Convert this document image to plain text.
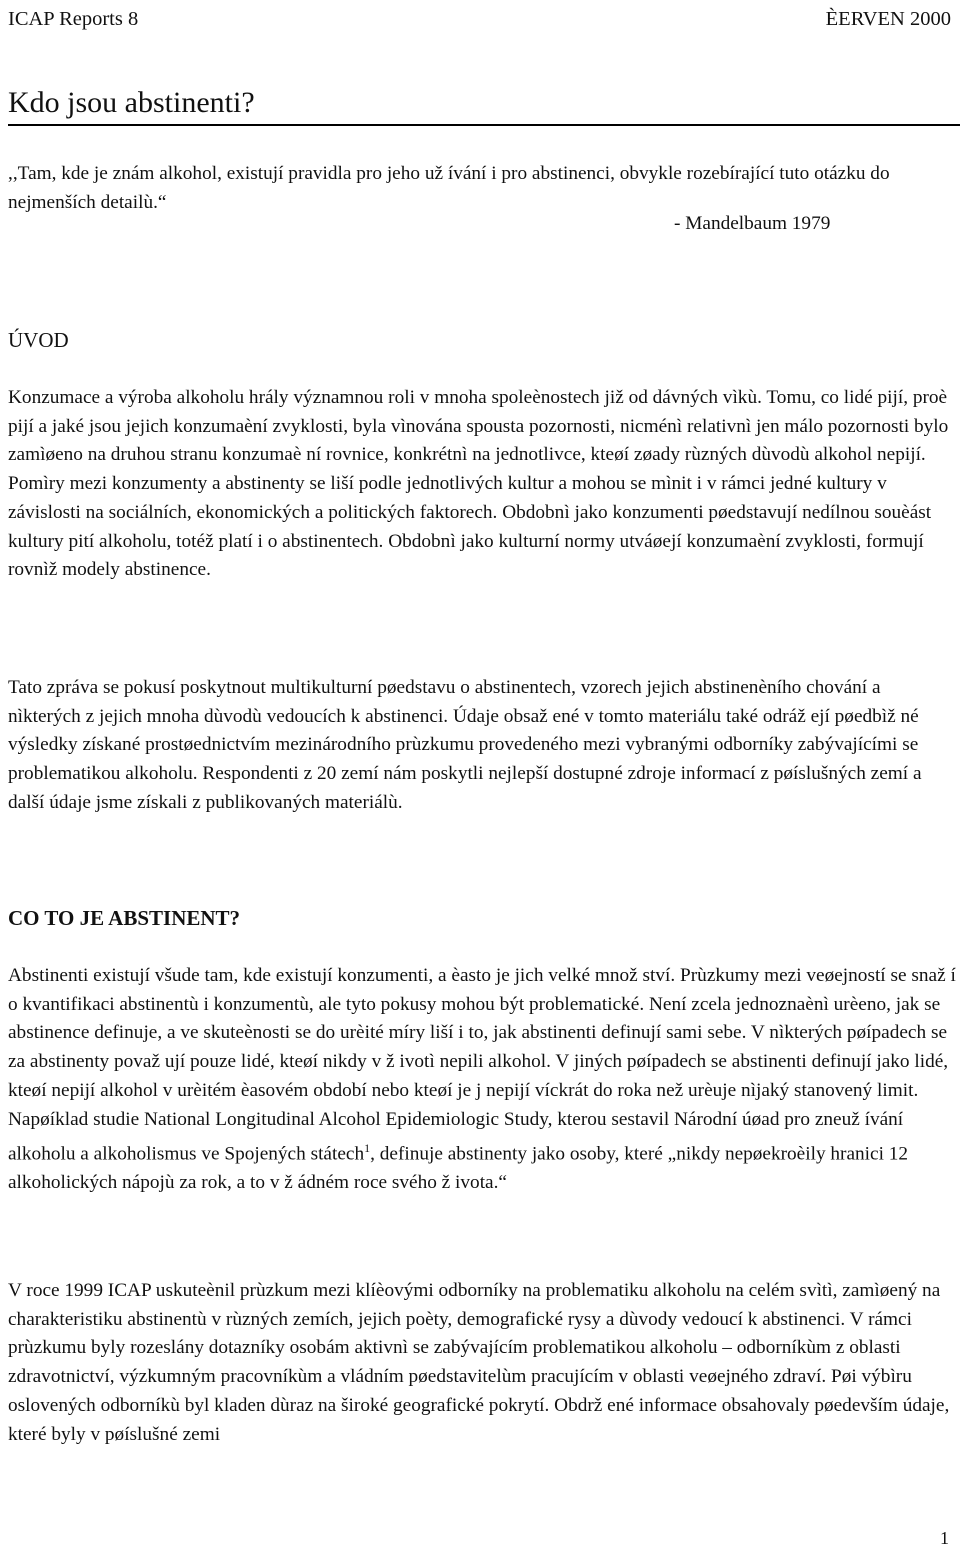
ICAP Reports 8	ÈERVEN 2000
Kdo jsou abstinenti?

,,Tam, kde je znám alkohol, existují pravidla pro jeho už ívání i pro abstinenci, obvykle rozebírající tuto otázku do nejmenších detailù.“

- Mandelbaum 1979
ÚVOD

Konzumace a výroba alkoholu hrály významnou roli v mnoha spoleènostech již od dávných vìkù. Tomu, co lidé pijí, proè pijí a jaké jsou jejich konzumaèní zvyklosti, byla vìnována spousta pozornosti, nicménì relativnì jen málo pozornosti bylo zamìøeno na druhou stranu konzumaè ní rovnice, konkrétnì na jednotlivce, kteøí zøady rùzných dùvodù alkohol nepijí. Pomìry mezi konzumenty a abstinenty se liší podle jednotlivých kultur a mohou se mìnit i v rámci jedné kultury v závislosti na sociálních, ekonomických a politických faktorech. Obdobnì jako konzumenti pøedstavují nedílnou souèást kultury pití alkoholu, totéž platí i o abstinentech. Obdobnì jako kulturní normy utváøejí konzumaèní zvyklosti, formují rovnìž modely abstinence.

Tato zpráva se pokusí poskytnout multikulturní pøedstavu o abstinentech, vzorech jejich abstinenèního chování a nìkterých z jejich mnoha dùvodù vedoucích k abstinenci. Údaje obsaž ené v tomto materiálu také odráž ejí pøedbìž né výsledky získané prostøednictvím mezinárodního prùzkumu provedeného mezi vybranými odborníky zabývajícími se problematikou alkoholu. Respondenti z 20 zemí nám poskytli nejlepší dostupné zdroje informací z pøíslušných zemí a další údaje jsme získali z publikovaných materiálù.

CO TO JE ABSTINENT?

Abstinenti existují všude tam, kde existují konzumenti, a èasto je jich velké množ ství. Prùzkumy mezi veøejností se snaž í o kvantifikaci abstinentù i konzumentù, ale tyto pokusy mohou být problematické. Není zcela jednoznaènì urèeno, jak se abstinence definuje, a ve skuteènosti se do urèité míry liší i to, jak abstinenti definují sami sebe. V nìkterých pøípadech se za abstinenty považ ují pouze lidé, kteøí nikdy v ž ivotì nepili alkohol. V jiných pøípadech se abstinenti definují jako lidé, kteøí nepijí alkohol v urèitém èasovém období nebo kteøí je j nepijí víckrát do roka než urèuje nìjaký stanovený limit. Napøíklad studie National Longitudinal Alcohol Epidemiologic Study, kterou sestavil Národní úøad pro zneuž ívání alkoholu a alkoholismus ve Spojených státech$^1$, definuje abstinenty jako osoby, které „nikdy nepøekroèily hranici 12 alkoholických nápojù za rok, a to v ž ádném roce svého ž ivota.“

V roce 1999 ICAP uskuteènil prùzkum mezi klíèovými odborníky na problematiku alkoholu na celém svìtì, zamìøený na charakteristiku abstinentù v rùzných zemích, jejich poèty, demografické rysy a dùvody vedoucí k abstinenci. V rámci prùzkumu byly rozeslány dotazníky osobám aktivnì se zabývajícím problematikou alkoholu – odborníkùm z oblasti zdravotnictví, výzkumným pracovníkùm a vládním pøedstavitelùm pracujícím v oblasti veøejného zdraví. Pøi výbìru oslovených odborníkù byl kladen dùraz na široké geografické pokrytí. Obdrž ené informace obsahovaly pøedevším údaje, které byly v pøíslušné zemi

1
